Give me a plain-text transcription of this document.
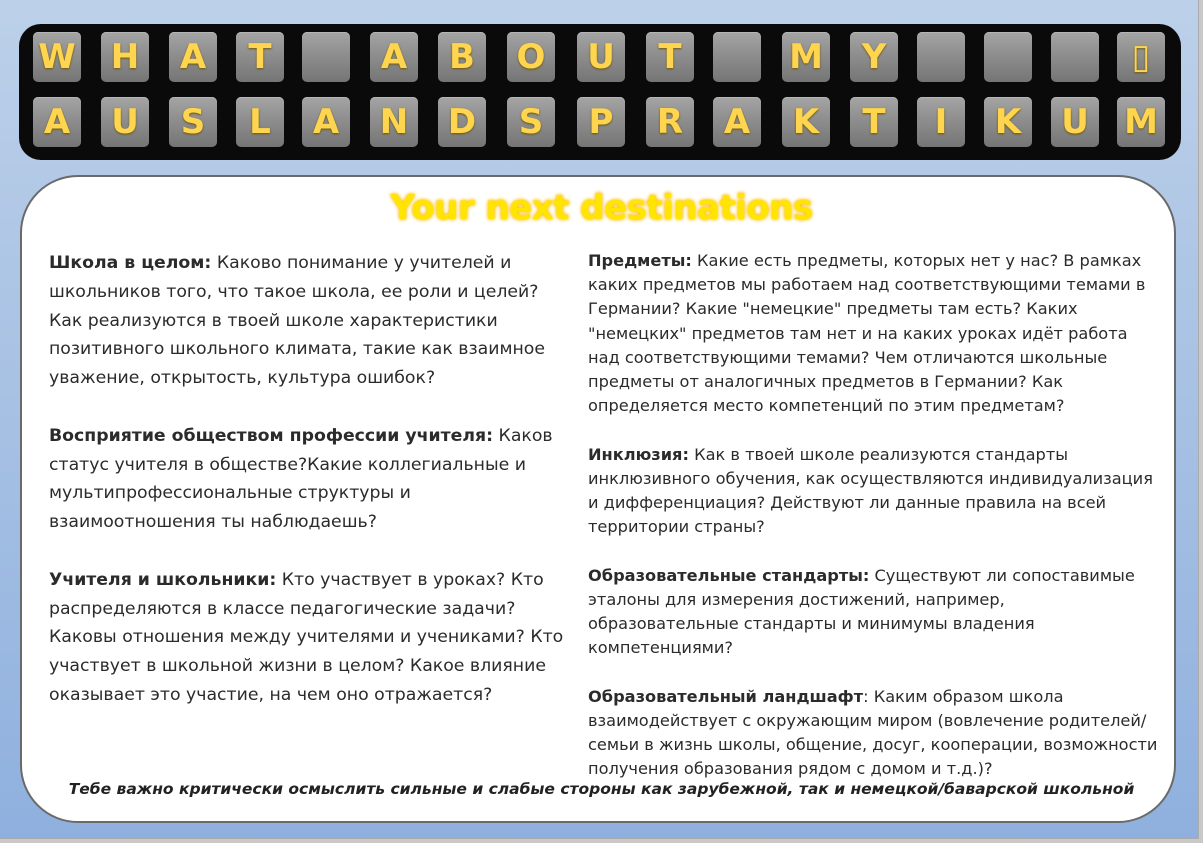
W H	A	T	A	B	O U	T	M	Y	▯
A	U	S	L	A	N D	S	P	R	A	K	T	I	K	U	M
Your next destinations

Школа в целом: Каково понимание у учителей и школьников того, что такое школа, ее роли и целей? Как реализуются в твоей школе характеристики позитивного школьного климата, такие как взаимное уважение, открытость, культура ошибок?

Восприятие обществом профессии учителя: Каков статус учителя в обществе?Какие коллегиальные и мультипрофессиональные структуры и взаимоотношения ты наблюдаешь?

Учителя и школьники: Кто участвует в уроках? Кто распределяются в классе педагогические задачи? Каковы отношения между учителями и учениками? Кто участвует в школьной жизни в целом? Какое влияние оказывает это участие, на чем оно отражается?

Предметы: Какие есть предметы, которых нет у нас? В рамках каких предметов мы работаем над соответствующими темами в Германии? Какие "немецкие" предметы там есть? Каких "немецких" предметов там нет и на каких уроках идёт работа над соответствующими темами? Чем отличаются школьные предметы от аналогичных предметов в Германии? Как определяется место компетенций по этим предметам?

Инклюзия: Как в твоей школе реализуются стандарты инклюзивного обучения, как осуществляются индивидуализация и дифференциация? Действуют ли данные правила на всей территории страны?

Образовательные стандарты: Существуют ли сопоставимые эталоны для измерения достижений, например, образовательные стандарты и минимумы владения компетенциями?

Образовательный ландшафт: Каким образом школа взаимодействует с окружающим миром (вовлечение родителей/семьи в жизнь школы, общение, досуг, кооперации, возможности получения образования рядом с домом и т.д.)?

Тебе важно критически осмыслить сильные и слабые стороны как зарубежной, так и немецкой/баварской школьной
